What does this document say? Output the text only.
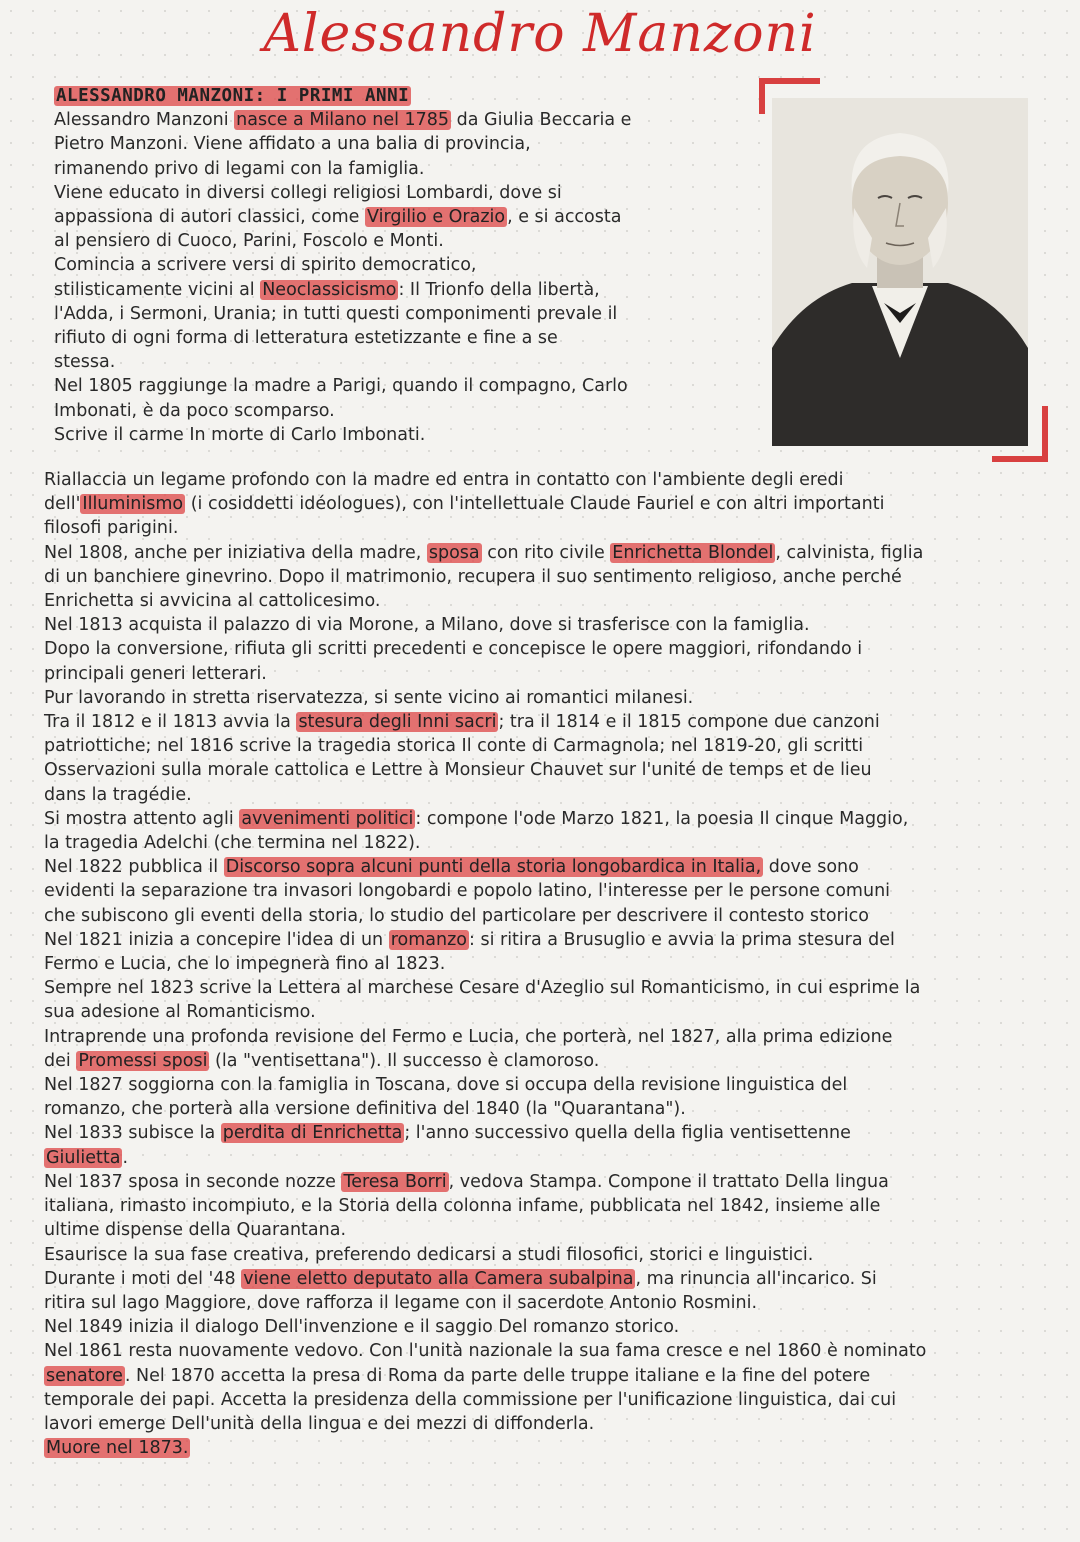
Alessandro Manzoni
ALESSANDRO MANZONI: I PRIMI ANNI
Alessandro Manzoni nasce a Milano nel 1785 da Giulia Beccaria e
Pietro Manzoni. Viene affidato a una balia di provincia,
rimanendo privo di legami con la famiglia.
Viene educato in diversi collegi religiosi Lombardi, dove si
appassiona di autori classici, come Virgilio e Orazio , e si accosta
al pensiero di Cuoco, Parini, Foscolo e Monti.
Comincia a scrivere versi di spirito democratico,
stilisticamente vicini al Neoclassicismo : Il Trionfo della libertà,
l'Adda, i Sermoni, Urania; in tutti questi componimenti prevale il
rifiuto di ogni forma di letteratura estetizzante e fine a se
stessa.
Nel 1805 raggiunge la madre a Parigi, quando il compagno, Carlo
Imbonati, è da poco scomparso.
Scrive il carme In morte di Carlo Imbonati.
Riallaccia un legame profondo con la madre ed entra in contatto con l'ambiente degli eredi
dell' Illuminismo (i cosiddetti idéologues), con l'intellettuale Claude Fauriel e con altri importanti
filosofi parigini.
Nel 1808, anche per iniziativa della madre, sposa con rito civile Enrichetta Blondel , calvinista, figlia
di un banchiere ginevrino. Dopo il matrimonio, recupera il suo sentimento religioso, anche perché
Enrichetta si avvicina al cattolicesimo.
Nel 1813 acquista il palazzo di via Morone, a Milano, dove si trasferisce con la famiglia.
Dopo la conversione, rifiuta gli scritti precedenti e concepisce le opere maggiori, rifondando i
principali generi letterari.
Pur lavorando in stretta riservatezza, si sente vicino ai romantici milanesi.
Tra il 1812 e il 1813 avvia la stesura degli Inni sacri ; tra il 1814 e il 1815 compone due canzoni
patriottiche; nel 1816 scrive la tragedia storica Il conte di Carmagnola; nel 1819-20, gli scritti
Osservazioni sulla morale cattolica e Lettre à Monsieur Chauvet sur l'unité de temps et de lieu
dans la tragédie.
Si mostra attento agli avvenimenti politici : compone l'ode Marzo 1821, la poesia Il cinque Maggio,
la tragedia Adelchi (che termina nel 1822).
Nel 1822 pubblica il Discorso sopra alcuni punti della storia longobardica in Italia, dove sono
evidenti la separazione tra invasori longobardi e popolo latino, l'interesse per le persone comuni
che subiscono gli eventi della storia, lo studio del particolare per descrivere il contesto storico
Nel 1821 inizia a concepire l'idea di un romanzo : si ritira a Brusuglio e avvia la prima stesura del
Fermo e Lucia, che lo impegnerà fino al 1823.
Sempre nel 1823 scrive la Lettera al marchese Cesare d'Azeglio sul Romanticismo, in cui esprime la
sua adesione al Romanticismo.
Intraprende una profonda revisione del Fermo e Lucia, che porterà, nel 1827, alla prima edizione
dei Promessi sposi (la "ventisettana"). Il successo è clamoroso.
Nel 1827 soggiorna con la famiglia in Toscana, dove si occupa della revisione linguistica del
romanzo, che porterà alla versione definitiva del 1840 (la "Quarantana").
Nel 1833 subisce la perdita di Enrichetta ; l'anno successivo quella della figlia ventisettenne
Giulietta .
Nel 1837 sposa in seconde nozze Teresa Borri , vedova Stampa. Compone il trattato Della lingua
italiana, rimasto incompiuto, e la Storia della colonna infame, pubblicata nel 1842, insieme alle
ultime dispense della Quarantana.
Esaurisce la sua fase creativa, preferendo dedicarsi a studi filosofici, storici e linguistici.
Durante i moti del '48 viene eletto deputato alla Camera subalpina , ma rinuncia all'incarico. Si
ritira sul lago Maggiore, dove rafforza il legame con il sacerdote Antonio Rosmini.
Nel 1849 inizia il dialogo Dell'invenzione e il saggio Del romanzo storico.
Nel 1861 resta nuovamente vedovo. Con l'unità nazionale la sua fama cresce e nel 1860 è nominato
senatore . Nel 1870 accetta la presa di Roma da parte delle truppe italiane e la fine del potere
temporale dei papi. Accetta la presidenza della commissione per l'unificazione linguistica, dai cui
lavori emerge Dell'unità della lingua e dei mezzi di diffonderla.
Muore nel 1873.
